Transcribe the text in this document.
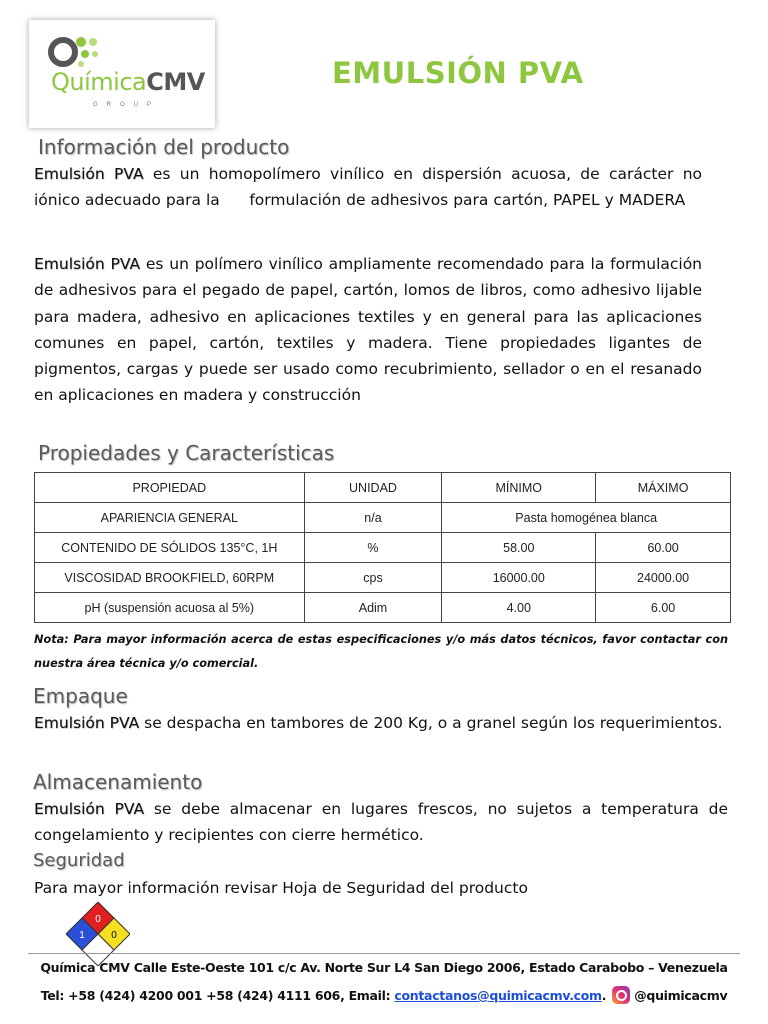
QuímicaCMV
GROUP
EMULSIÓN PVA
Información del producto

Emulsión PVA es un homopolímero vinílico en dispersión acuosa, de carácter no iónico adecuado para la      formulación de adhesivos para cartón, PAPEL y MADERA

Emulsión PVA es un polímero vinílico ampliamente recomendado para la formulación de adhesivos para el pegado de papel, cartón, lomos de libros, como adhesivo lijable para madera, adhesivo en aplicaciones textiles y en general para las aplicaciones comunes en papel, cartón, textiles y madera. Tiene propiedades ligantes de pigmentos, cargas y puede ser usado como recubrimiento, sellador o en el resanado en aplicaciones en madera y construcción

Propiedades y Características
PROPIEDAD	UNIDAD	MÍNIMO	MÁXIMO
APARIENCIA GENERAL	n/a	Pasta homogénea blanca	
CONTENIDO DE SÓLIDOS 135°C, 1H	%	58.00	60.00
VISCOSIDAD BROOKFIELD, 60RPM	cps	16000.00	24000.00
pH (suspensión acuosa al 5%)	Adim	4.00	6.00

Nota: Para mayor información acerca de estas especificaciones y/o más datos técnicos, favor contactar con nuestra área técnica y/o comercial.

Empaque

Emulsión PVA se despacha en tambores de 200 Kg, o a granel según los requerimientos.

Almacenamiento

Emulsión PVA se debe almacenar en lugares frescos, no sujetos a temperatura de congelamiento y recipientes con cierre hermético.

Seguridad

Para mayor información revisar Hoja de Seguridad del producto

0
1	0

Química CMV Calle Este-Oeste 101 c/c Av. Norte Sur L4 San Diego 2006, Estado Carabobo – Venezuela

Tel: +58 (424) 4200 001 +58 (424) 4111 606, Email: contactanos@quimicacmv.com. @quimicacmv
